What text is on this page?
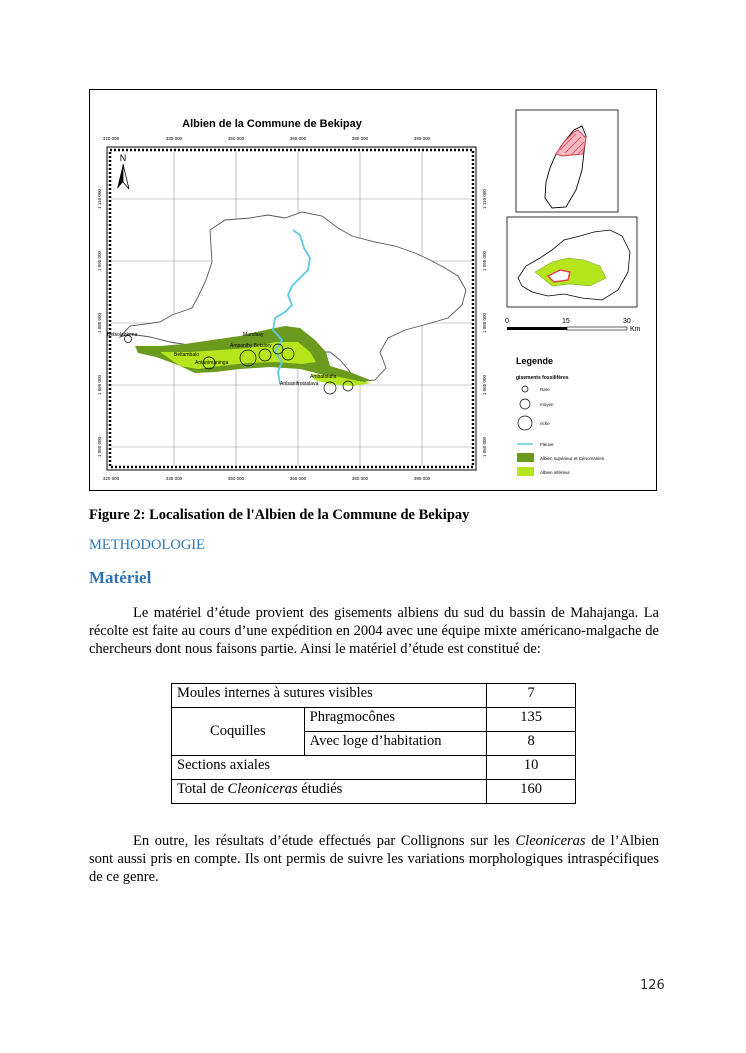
Albien de la Commune de Bekipay
320 000	335 000	350 000	365 000	380 000	395 000
320 000	335 000	350 000	365 000	380 000	395 000
1 110 000
1 095 000
1 080 000
1 065 000
1 050 000
1 110 000
1 095 000
1 080 000
1 065 000
1 050 000
N
Betsolankena	Marofasy
Ampanihy Betsiory
Beltambalo
Antanimaninga
Ambatolafia
Antsanifrotsalava
0	15	30
Km
Legende
gisements fossilifères
Rare
moyen
riche
Fleuve
Albien supérieur et Cénomanien
Albien inférieur
Figure 2: Localisation de l'Albien de la Commune de Bekipay
METHODOLOGIE
Matériel

Le matériel d’étude provient des gisements albiens du sud du bassin de Mahajanga. La récolte est faite au cours d’une expédition en 2004 avec une équipe mixte américano-malgache de chercheurs dont nous faisons partie. Ainsi le matériel d’étude est constitué de:

Moules internes à sutures visibles		7
Coquilles	Phragmocônes	135
	Avec loge d’habitation	8
Sections axiales		10
Total de Cleoniceras étudiés		160

En outre, les résultats d’étude effectués par Collignons sur les Cleoniceras de l’Albien sont aussi pris en compte. Ils ont permis de suivre les variations morphologiques intraspécifiques de ce genre.

126
